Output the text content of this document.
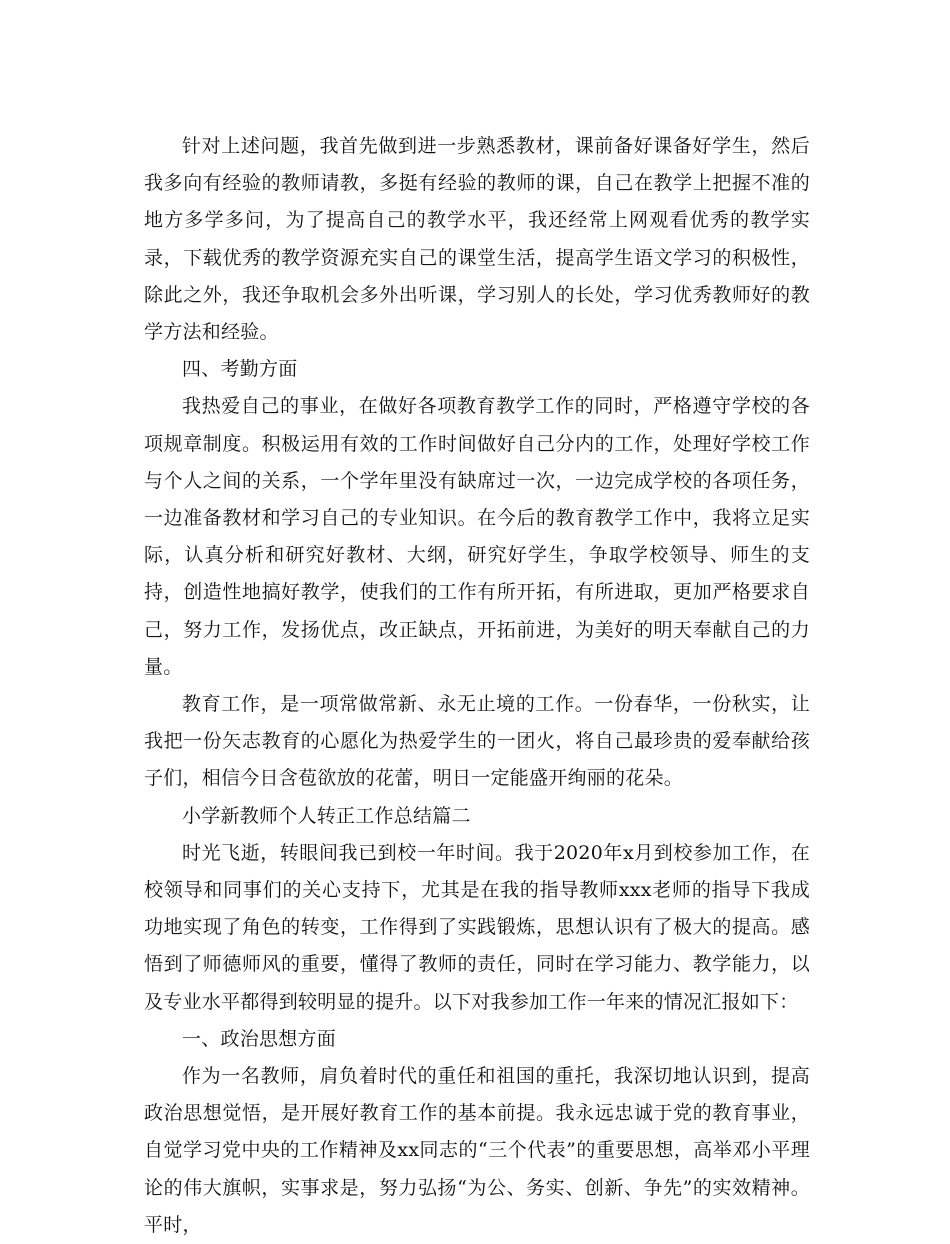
针对上述问题，我首先做到进一步熟悉教材，课前备好课备好学生，然后我多向有经验的教师请教，多挺有经验的教师的课，自己在教学上把握不准的地方多学多问，为了提高自己的教学水平，我还经常上网观看优秀的教学实录，下载优秀的教学资源充实自己的课堂生活，提高学生语文学习的积极性，除此之外，我还争取机会多外出听课，学习别人的长处，学习优秀教师好的教学方法和经验。

四、考勤方面

我热爱自己的事业，在做好各项教育教学工作的同时，严格遵守学校的各项规章制度。积极运用有效的工作时间做好自己分内的工作，处理好学校工作与个人之间的关系，一个学年里没有缺席过一次，一边完成学校的各项任务，一边准备教材和学习自己的专业知识。在今后的教育教学工作中，我将立足实际，认真分析和研究好教材、大纲，研究好学生，争取学校领导、师生的支持，创造性地搞好教学，使我们的工作有所开拓，有所进取，更加严格要求自己，努力工作，发扬优点，改正缺点，开拓前进，为美好的明天奉献自己的力量。

教育工作，是一项常做常新、永无止境的工作。一份春华，一份秋实，让我把一份矢志教育的心愿化为热爱学生的一团火，将自己最珍贵的爱奉献给孩子们，相信今日含苞欲放的花蕾，明日一定能盛开绚丽的花朵。

小学新教师个人转正工作总结篇二

时光飞逝，转眼间我已到校一年时间。我于2020年x月到校参加工作，在校领导和同事们的关心支持下，尤其是在我的指导教师xxx老师的指导下我成功地实现了角色的转变，工作得到了实践锻炼，思想认识有了极大的提高。感悟到了师德师风的重要，懂得了教师的责任，同时在学习能力、教学能力，以及专业水平都得到较明显的提升。以下对我参加工作一年来的情况汇报如下：

一、政治思想方面

作为一名教师，肩负着时代的重任和祖国的重托，我深切地认识到，提高政治思想觉悟，是开展好教育工作的基本前提。我永远忠诚于党的教育事业，自觉学习党中央的工作精神及xx同志的“三个代表”的重要思想，高举邓小平理论的伟大旗帜，实事求是，努力弘扬“为公、务实、创新、争先”的实效精神。平时，
